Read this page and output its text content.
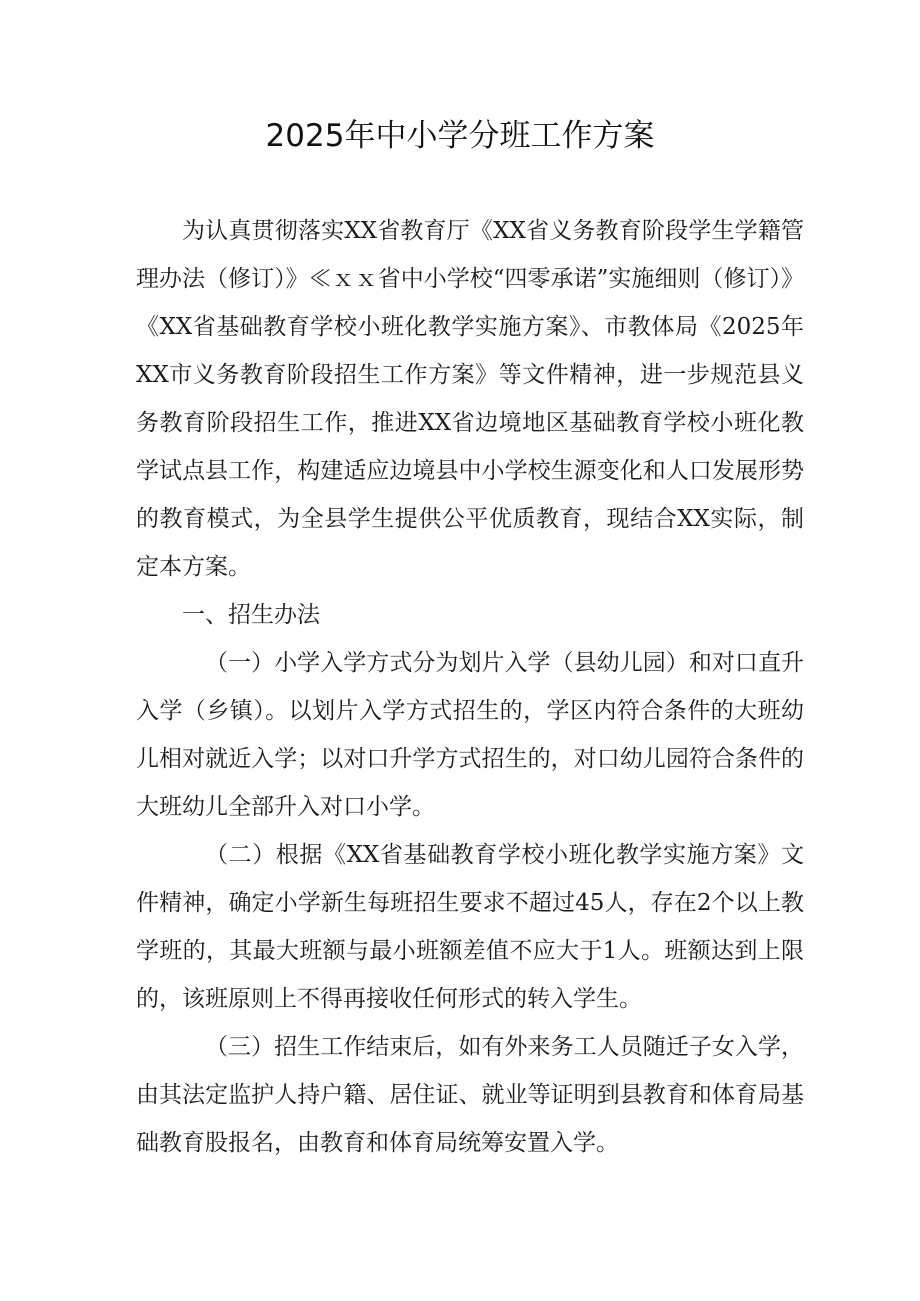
2025年中小学分班工作方案

为认真贯彻落实XX省教育厅《XX省义务教育阶段学生学籍管理办法（修订）》≪ｘｘ省中小学校“四零承诺”实施细则（修订）》《XX省基础教育学校小班化教学实施方案》、市教体局《2025年XX市义务教育阶段招生工作方案》等文件精神，进一步规范县义务教育阶段招生工作，推进XX省边境地区基础教育学校小班化教学试点县工作，构建适应边境县中小学校生源变化和人口发展形势的教育模式，为全县学生提供公平优质教育，现结合XX实际，制定本方案。

一、招生办法

（一）小学入学方式分为划片入学（县幼儿园）和对口直升入学（乡镇）。以划片入学方式招生的，学区内符合条件的大班幼儿相对就近入学；以对口升学方式招生的，对口幼儿园符合条件的大班幼儿全部升入对口小学。

（二）根据《XX省基础教育学校小班化教学实施方案》文件精神，确定小学新生每班招生要求不超过45人，存在2个以上教学班的，其最大班额与最小班额差值不应大于1人。班额达到上限的，该班原则上不得再接收任何形式的转入学生。

（三）招生工作结束后，如有外来务工人员随迁子女入学，由其法定监护人持户籍、居住证、就业等证明到县教育和体育局基础教育股报名，由教育和体育局统筹安置入学。
